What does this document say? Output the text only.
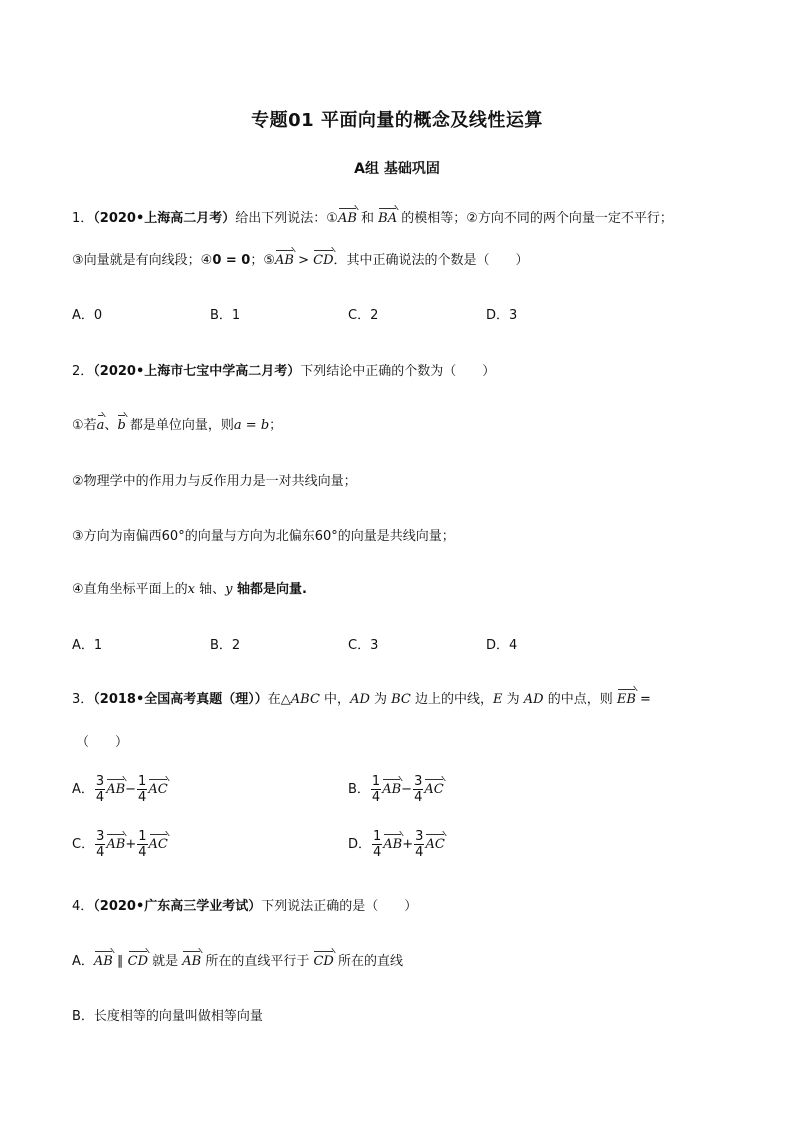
专题01 平面向量的概念及线性运算
A组 基础巩固
1．（2020•上海高二月考）给出下列说法：①AB 和 BA 的模相等；②方向不同的两个向量一定不平行；
③向量就是有向线段；④0 = 0；⑤AB > CD．其中正确说法的个数是（　　）
A．0	B．1	C．2	D．3
2．（2020•上海市七宝中学高二月考）下列结论中正确的个数为（　　）
①若a、b 都是单位向量，则a = b；
②物理学中的作用力与反作用力是一对共线向量；
③方向为南偏西60°的向量与方向为北偏东60°的向量是共线向量；
④直角坐标平面上的x 轴、y 轴都是向量.
A．1	B．2	C．3	D．4
3．（2018•全国高考真题（理））在△ABC 中，AD 为 BC 边上的中线，E 为 AD 的中点，则 EB =
（　　）
A． $\frac{3}{4} AB- \frac{1}{4}$ AC	B． $\frac{1}{4} AB- \frac{3}{4}$ AC
C． $\frac{3}{4} AB+ \frac{1}{4}$ AC	D． $\frac{1}{4} AB+ \frac{3}{4}$ AC
4．（2020•广东高三学业考试）下列说法正确的是（　　）
A．AB ∥ CD 就是 AB 所在的直线平行于 CD 所在的直线
B．长度相等的向量叫做相等向量
